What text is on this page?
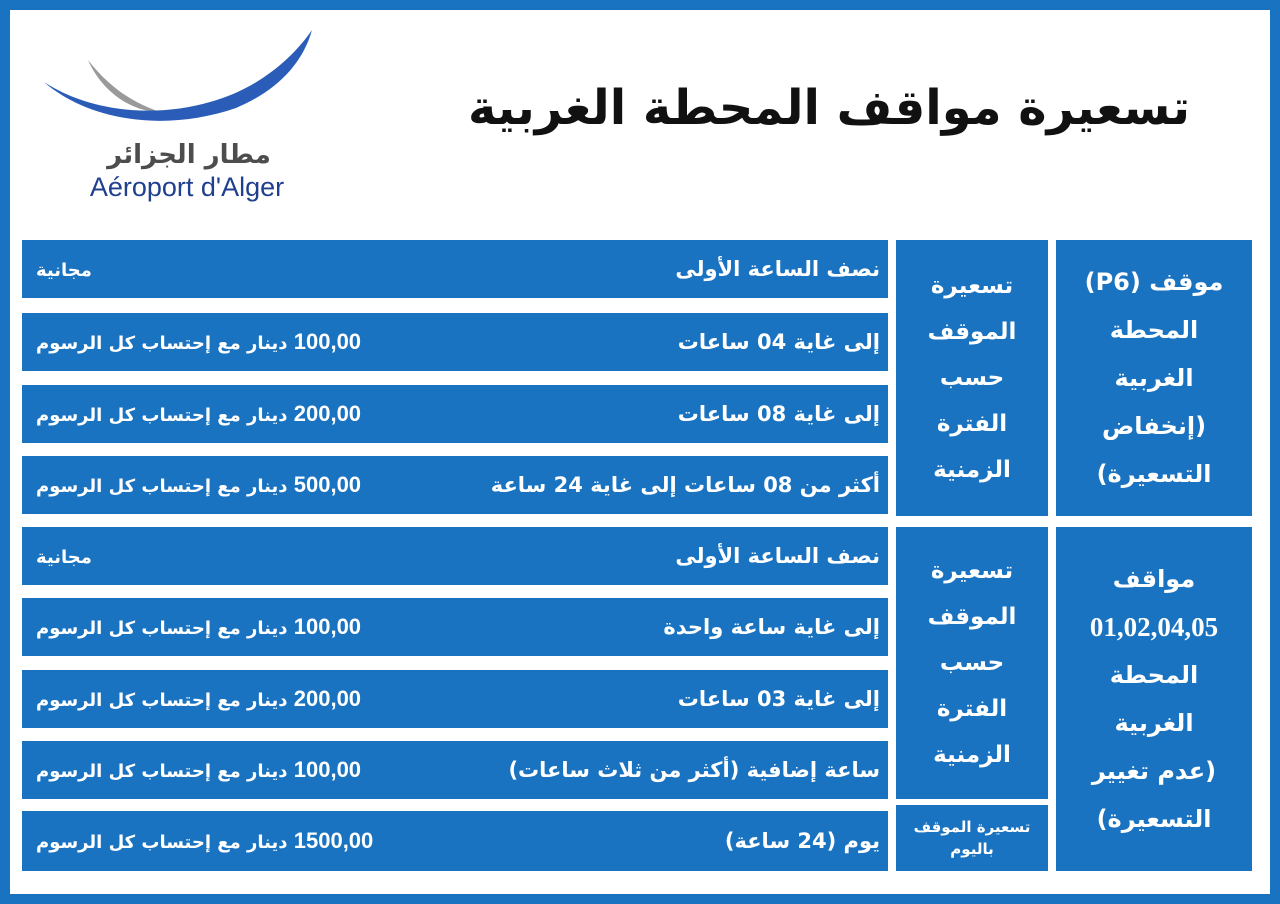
مطار الجزائر
Aéroport d'Alger
تسعيرة مواقف المحطة الغربية
موقف (P6)
المحطة
الغربية
(إنخفاض
التسعيرة)
تسعيرة
الموقف
حسب
الفترة
الزمنية
نصف الساعة الأولى
مجانية
إلى غاية 04 ساعات
100,00 دينار مع إحتساب كل الرسوم
إلى غاية 08 ساعات
200,00 دينار مع إحتساب كل الرسوم
أكثر من 08 ساعات إلى غاية 24 ساعة
500,00 دينار مع إحتساب كل الرسوم
مواقف
01,02,04,05
المحطة
الغربية
(عدم تغيير
التسعيرة)
تسعيرة
الموقف
حسب
الفترة
الزمنية
تسعيرة الموقف
باليوم
نصف الساعة الأولى
مجانية
إلى غاية ساعة واحدة
100,00 دينار مع إحتساب كل الرسوم
إلى غاية 03 ساعات
200,00 دينار مع إحتساب كل الرسوم
ساعة إضافية (أكثر من ثلاث ساعات)
100,00 دينار مع إحتساب كل الرسوم
يوم (24 ساعة)
1500,00 دينار مع إحتساب كل الرسوم
